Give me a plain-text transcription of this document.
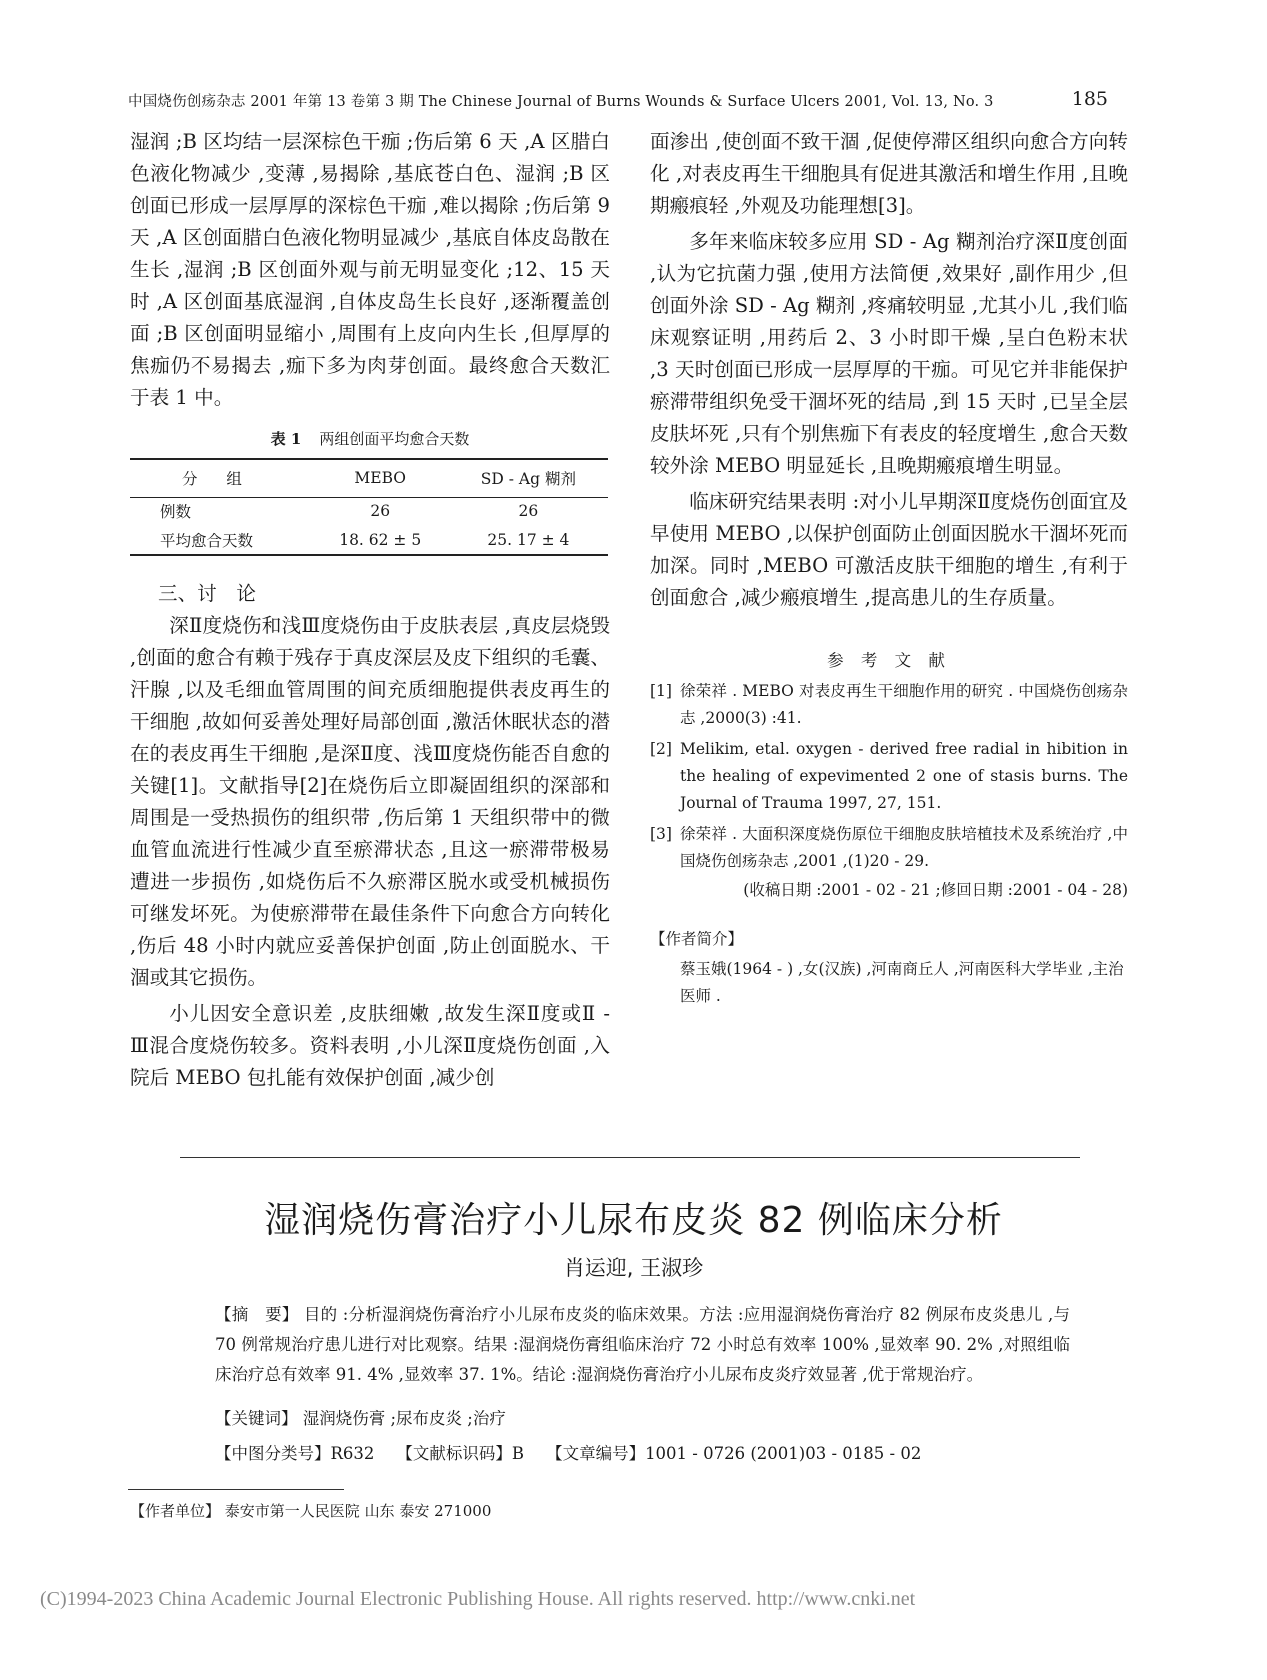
中国烧伤创疡杂志 2001 年第 13 卷第 3 期 The Chinese Journal of Burns Wounds & Surface Ulcers 2001, Vol. 13, No. 3	185

湿润 ;B 区均结一层深棕色干痂 ;伤后第 6 天 ,A 区腊白色液化物减少 ,变薄 ,易揭除 ,基底苍白色、湿润 ;B 区创面已形成一层厚厚的深棕色干痂 ,难以揭除 ;伤后第 9 天 ,A 区创面腊白色液化物明显减少 ,基底自体皮岛散在生长 ,湿润 ;B 区创面外观与前无明显变化 ;12、15 天时 ,A 区创面基底湿润 ,自体皮岛生长良好 ,逐渐覆盖创面 ;B 区创面明显缩小 ,周围有上皮向内生长 ,但厚厚的焦痂仍不易揭去 ,痂下多为肉芽创面。最终愈合天数汇于表 1 中。

表 1 两组创面平均愈合天数
分 组	MEBO	SD - Ag 糊剂
例数	26	26
平均愈合天数	18. 62 ± 5	25. 17 ± 4
三、讨　论

深Ⅱ度烧伤和浅Ⅲ度烧伤由于皮肤表层 ,真皮层烧毁 ,创面的愈合有赖于残存于真皮深层及皮下组织的毛囊、汗腺 ,以及毛细血管周围的间充质细胞提供表皮再生的干细胞 ,故如何妥善处理好局部创面 ,激活休眠状态的潜在的表皮再生干细胞 ,是深Ⅱ度、浅Ⅲ度烧伤能否自愈的关键[1]。文献指导[2]在烧伤后立即凝固组织的深部和周围是一受热损伤的组织带 ,伤后第 1 天组织带中的微血管血流进行性减少直至瘀滞状态 ,且这一瘀滞带极易遭进一步损伤 ,如烧伤后不久瘀滞区脱水或受机械损伤可继发坏死。为使瘀滞带在最佳条件下向愈合方向转化 ,伤后 48 小时内就应妥善保护创面 ,防止创面脱水、干涸或其它损伤。

小儿因安全意识差 ,皮肤细嫩 ,故发生深Ⅱ度或Ⅱ - Ⅲ混合度烧伤较多。资料表明 ,小儿深Ⅱ度烧伤创面 ,入院后 MEBO 包扎能有效保护创面 ,减少创

面渗出 ,使创面不致干涸 ,促使停滞区组织向愈合方向转化 ,对表皮再生干细胞具有促进其激活和增生作用 ,且晚期瘢痕轻 ,外观及功能理想[3]。

多年来临床较多应用 SD - Ag 糊剂治疗深Ⅱ度创面 ,认为它抗菌力强 ,使用方法简便 ,效果好 ,副作用少 ,但创面外涂 SD - Ag 糊剂 ,疼痛较明显 ,尤其小儿 ,我们临床观察证明 ,用药后 2、3 小时即干燥 ,呈白色粉末状 ,3 天时创面已形成一层厚厚的干痂。可见它并非能保护瘀滞带组织免受干涸坏死的结局 ,到 15 天时 ,已呈全层皮肤坏死 ,只有个别焦痂下有表皮的轻度增生 ,愈合天数较外涂 MEBO 明显延长 ,且晚期瘢痕增生明显。

临床研究结果表明 :对小儿早期深Ⅱ度烧伤创面宜及早使用 MEBO ,以保护创面防止创面因脱水干涸坏死而加深。同时 ,MEBO 可激活皮肤干细胞的增生 ,有利于创面愈合 ,减少瘢痕增生 ,提高患儿的生存质量。

参 考 文 献
[1] 徐荣祥 . MEBO 对表皮再生干细胞作用的研究 . 中国烧伤创疡杂志 ,2000(3) :41.
[2] Melikim, etal. oxygen - derived free radial in hibition in the healing of expevimented 2 one of stasis burns. The Journal of Trauma 1997, 27, 151.
[3] 徐荣祥 . 大面积深度烧伤原位干细胞皮肤培植技术及系统治疗 ,中国烧伤创疡杂志 ,2001 ,(1)20 - 29.
(收稿日期 :2001 - 02 - 21 ;修回日期 :2001 - 04 - 28)
【作者简介】
蔡玉娥(1964 - ) ,女(汉族) ,河南商丘人 ,河南医科大学毕业 ,主治医师 .
湿润烧伤膏治疗小儿尿布皮炎 82 例临床分析
肖运迎, 王淑珍
【摘　要】 目的 :分析湿润烧伤膏治疗小儿尿布皮炎的临床效果。方法 :应用湿润烧伤膏治疗 82 例尿布皮炎患儿 ,与 70 例常规治疗患儿进行对比观察。结果 :湿润烧伤膏组临床治疗 72 小时总有效率 100% ,显效率 90. 2% ,对照组临床治疗总有效率 91. 4% ,显效率 37. 1%。结论 :湿润烧伤膏治疗小儿尿布皮炎疗效显著 ,优于常规治疗。
【关键词】 湿润烧伤膏 ;尿布皮炎 ;治疗
【中图分类号】R632 【文献标识码】B 【文章编号】1001 - 0726 (2001)03 - 0185 - 02
【作者单位】 泰安市第一人民医院 山东 泰安 271000
(C)1994-2023 China Academic Journal Electronic Publishing House. All rights reserved. http://www.cnki.net
